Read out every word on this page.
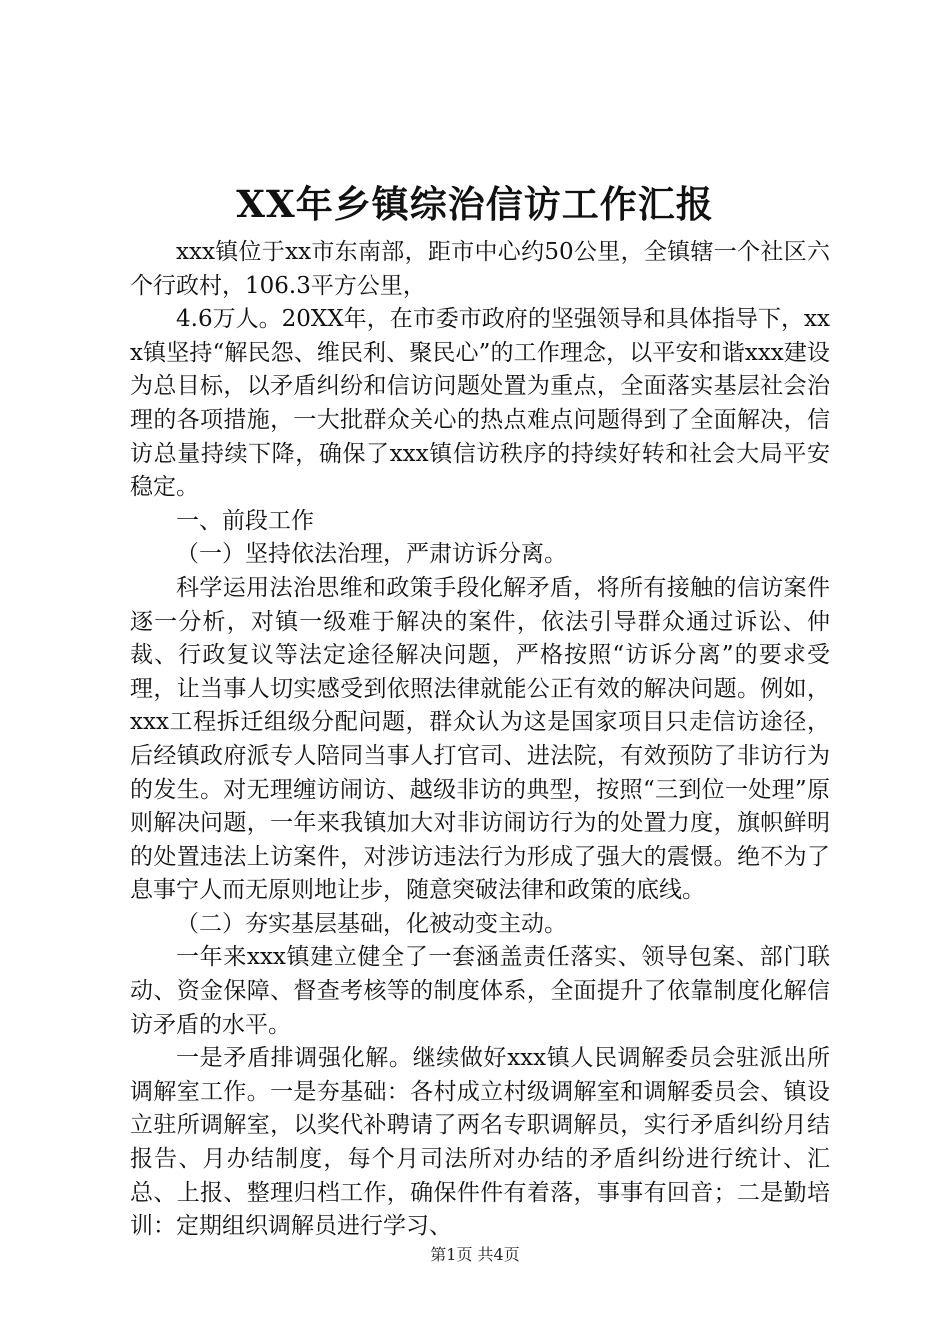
XX年乡镇综治信访工作汇报

xxx镇位于xx市东南部，距市中心约50公里，全镇辖一个社区六个行政村，106.3平方公里，

4.6万人。20XX年，在市委市政府的坚强领导和具体指导下，xxx镇坚持“解民怨、维民利、聚民心”的工作理念，以平安和谐xxx建设为总目标，以矛盾纠纷和信访问题处置为重点，全面落实基层社会治理的各项措施，一大批群众关心的热点难点问题得到了全面解决，信访总量持续下降，确保了xxx镇信访秩序的持续好转和社会大局平安稳定。

一、前段工作

（一）坚持依法治理，严肃访诉分离。

科学运用法治思维和政策手段化解矛盾，将所有接触的信访案件逐一分析，对镇一级难于解决的案件，依法引导群众通过诉讼、仲裁、行政复议等法定途径解决问题，严格按照“访诉分离”的要求受理，让当事人切实感受到依照法律就能公正有效的解决问题。例如，xxx工程拆迁组级分配问题，群众认为这是国家项目只走信访途径，后经镇政府派专人陪同当事人打官司、进法院，有效预防了非访行为的发生。对无理缠访闹访、越级非访的典型，按照“三到位一处理”原则解决问题，一年来我镇加大对非访闹访行为的处置力度，旗帜鲜明的处置违法上访案件，对涉访违法行为形成了强大的震慑。绝不为了息事宁人而无原则地让步，随意突破法律和政策的底线。

（二）夯实基层基础，化被动变主动。

一年来xxx镇建立健全了一套涵盖责任落实、领导包案、部门联动、资金保障、督查考核等的制度体系，全面提升了依靠制度化解信访矛盾的水平。

一是矛盾排调强化解。继续做好xxx镇人民调解委员会驻派出所调解室工作。一是夯基础：各村成立村级调解室和调解委员会、镇设立驻所调解室，以奖代补聘请了两名专职调解员，实行矛盾纠纷月结报告、月办结制度，每个月司法所对办结的矛盾纠纷进行统计、汇总、上报、整理归档工作，确保件件有着落，事事有回音；二是勤培训：定期组织调解员进行学习、

第1页 共4页
